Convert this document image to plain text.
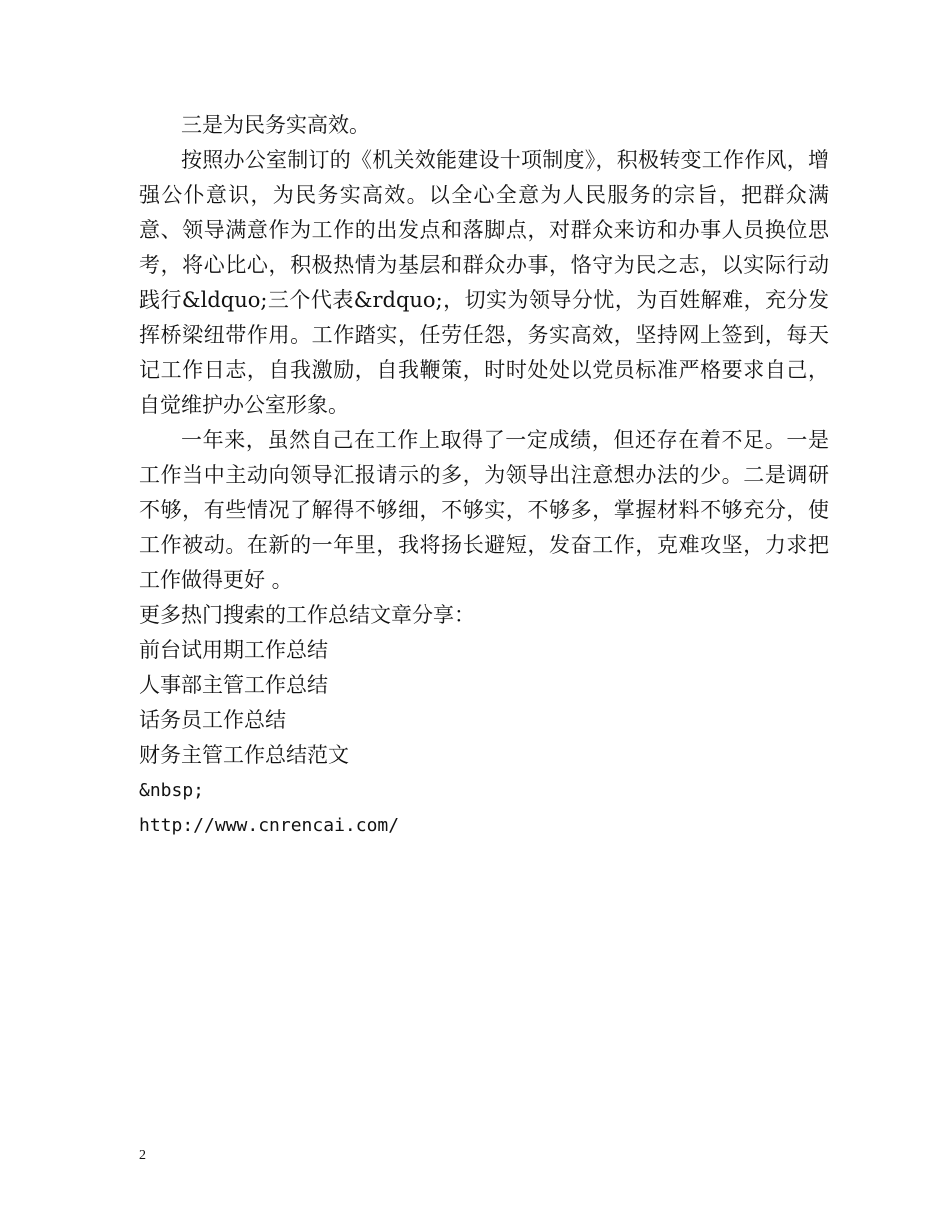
三是为民务实高效。

按照办公室制订的《机关效能建设十项制度》，积极转变工作作风，增强公仆意识，为民务实高效。以全心全意为人民服务的宗旨，把群众满意、领导满意作为工作的出发点和落脚点，对群众来访和办事人员换位思考，将心比心，积极热情为基层和群众办事，恪守为民之志，以实际行动践行&ldquo;三个代表&rdquo;，切实为领导分忧，为百姓解难，充分发挥桥梁纽带作用。工作踏实，任劳任怨，务实高效，坚持网上签到，每天记工作日志，自我激励，自我鞭策，时时处处以党员标准严格要求自己，自觉维护办公室形象。

一年来，虽然自己在工作上取得了一定成绩，但还存在着不足。一是工作当中主动向领导汇报请示的多，为领导出注意想办法的少。二是调研不够，有些情况了解得不够细，不够实，不够多，掌握材料不够充分，使工作被动。在新的一年里，我将扬长避短，发奋工作，克难攻坚，力求把工作做得更好 。

更多热门搜索的工作总结文章分享：

前台试用期工作总结

人事部主管工作总结

话务员工作总结

财务主管工作总结范文

&nbsp;

http://www.cnrencai.com/

2
